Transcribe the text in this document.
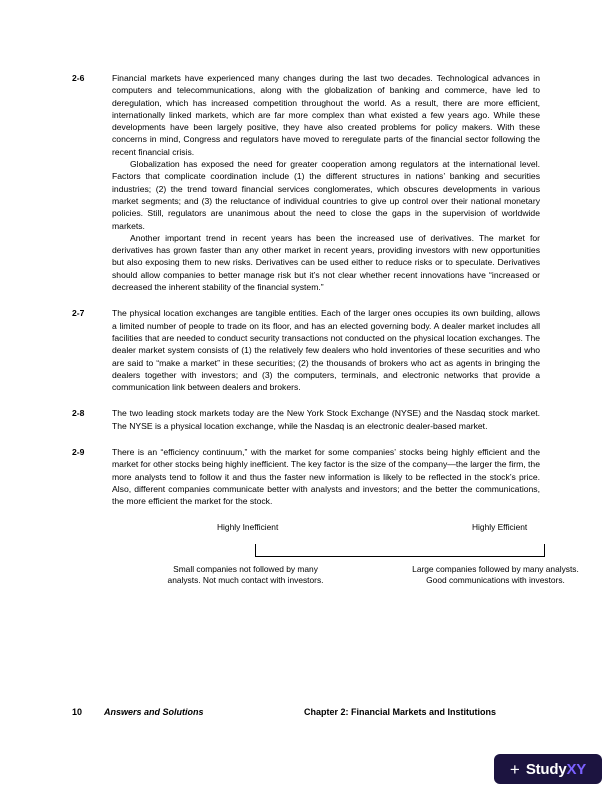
2-6	Financial markets have experienced many changes during the last two decades. Technological advances in computers and telecommunications, along with the globalization of banking and commerce, have led to deregulation, which has increased competition throughout the world. As a result, there are more efficient, internationally linked markets, which are far more complex than what existed a few years ago. While these developments have been largely positive, they have also created problems for policy makers. With these concerns in mind, Congress and regulators have moved to reregulate parts of the financial sector following the recent financial crisis.

Globalization has exposed the need for greater cooperation among regulators at the international level. Factors that complicate coordination include (1) the different structures in nations’ banking and securities industries; (2) the trend toward financial services conglomerates, which obscures developments in various market segments; and (3) the reluctance of individual countries to give up control over their national monetary policies. Still, regulators are unanimous about the need to close the gaps in the supervision of worldwide markets.

Another important trend in recent years has been the increased use of derivatives. The market for derivatives has grown faster than any other market in recent years, providing investors with new opportunities but also exposing them to new risks. Derivatives can be used either to reduce risks or to speculate. Derivatives should allow companies to better manage risk but it’s not clear whether recent innovations have “increased or decreased the inherent stability of the financial system.”

2-7	The physical location exchanges are tangible entities. Each of the larger ones occupies its own building, allows a limited number of people to trade on its floor, and has an elected governing body. A dealer market includes all facilities that are needed to conduct security transactions not conducted on the physical location exchanges. The dealer market system consists of (1) the relatively few dealers who hold inventories of these securities and who are said to “make a market” in these securities; (2) the thousands of brokers who act as agents in bringing the dealers together with investors; and (3) the computers, terminals, and electronic networks that provide a communication link between dealers and brokers.

2-8	The two leading stock markets today are the New York Stock Exchange (NYSE) and the Nasdaq stock market. The NYSE is a physical location exchange, while the Nasdaq is an electronic dealer-based market.

2-9	There is an “efficiency continuum,” with the market for some companies’ stocks being highly efficient and the market for other stocks being highly inefficient. The key factor is the size of the company—the larger the firm, the more analysts tend to follow it and thus the faster new information is likely to be reflected in the stock’s price. Also, different companies communicate better with analysts and investors; and the better the communications, the more efficient the market for the stock.

Highly Inefficient	Highly Efficient
Small companies not followed by many analysts. Not much contact with investors.
Large companies followed by many analysts. Good communications with investors.
10 Answers and Solutions	Chapter 2: Financial Markets and Institutions
+ StudyXY
